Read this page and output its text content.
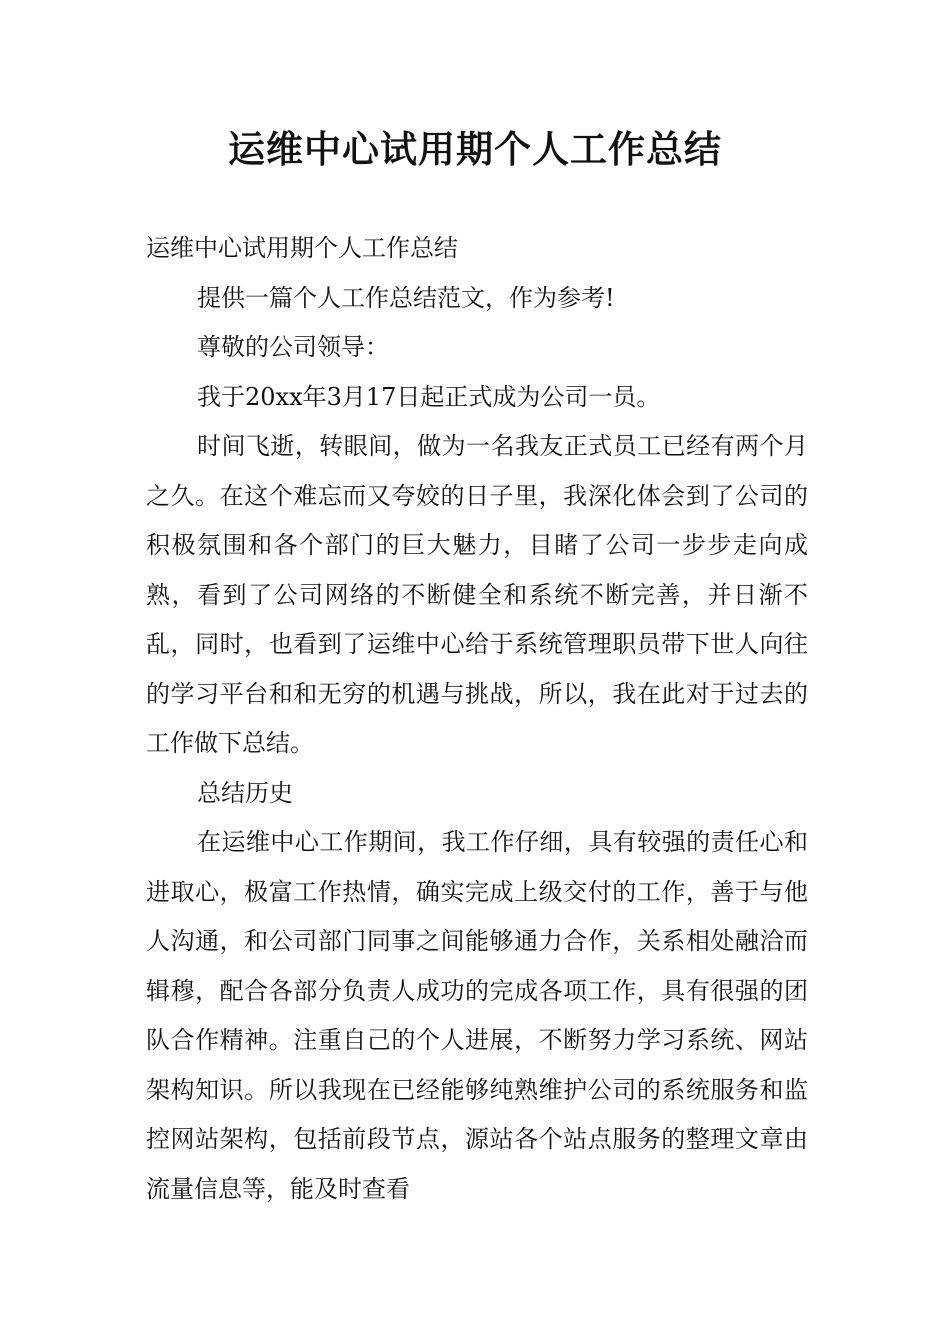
运维中心试用期个人工作总结

运维中心试用期个人工作总结

提供一篇个人工作总结范文，作为参考!

尊敬的公司领导：

我于20xx年3月17日起正式成为公司一员。

时间飞逝，转眼间，做为一名我友正式员工已经有两个月之久。在这个难忘而又夸姣的日子里，我深化体会到了公司的积极氛围和各个部门的巨大魅力，目睹了公司一步步走向成熟，看到了公司网络的不断健全和系统不断完善，并日渐不乱，同时，也看到了运维中心给于系统管理职员带下世人向往的学习平台和和无穷的机遇与挑战，所以，我在此对于过去的工作做下总结。

总结历史

在运维中心工作期间，我工作仔细，具有较强的责任心和进取心，极富工作热情，确实完成上级交付的工作，善于与他人沟通，和公司部门同事之间能够通力合作，关系相处融洽而辑穆，配合各部分负责人成功的完成各项工作，具有很强的团队合作精神。注重自己的个人进展，不断努力学习系统、网站架构知识。所以我现在已经能够纯熟维护公司的系统服务和监控网站架构，包括前段节点，源站各个站点服务的整理文章由流量信息等，能及时查看
